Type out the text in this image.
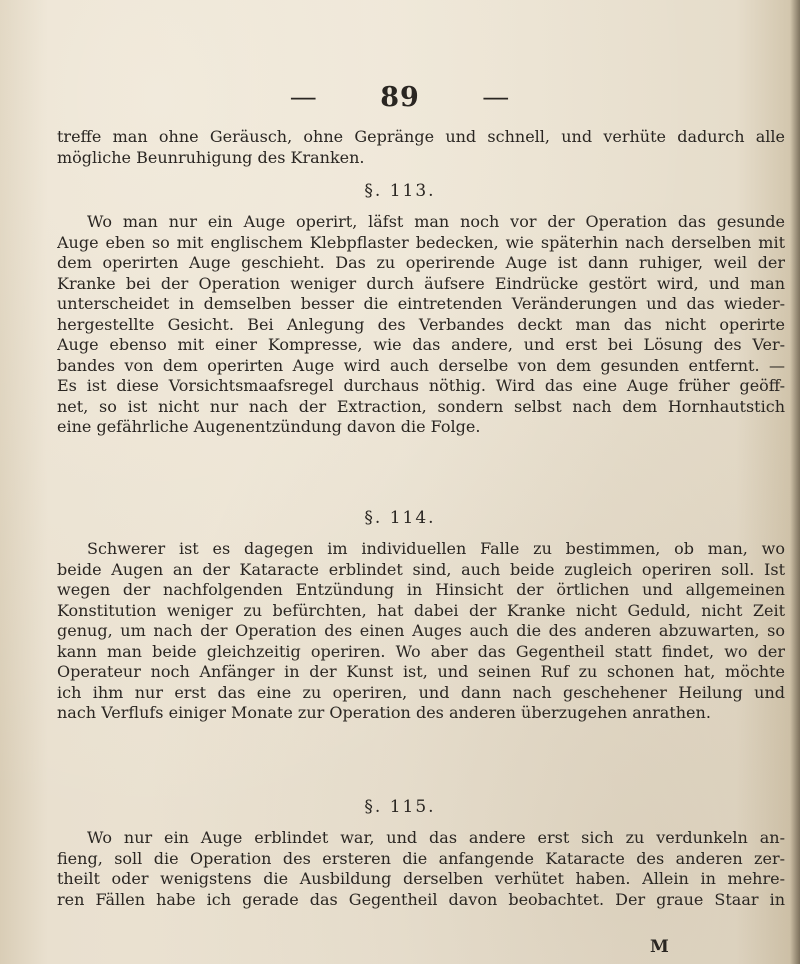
— 89 —
treffe man ohne Geräusch, ohne Gepränge und schnell, und verhüte dadurch alle
mögliche Beunruhigung des Kranken.
§. 113.
Wo man nur ein Auge operirt, läfst man noch vor der Operation das gesunde
Auge eben so mit englischem Klebpflaster bedecken, wie späterhin nach derselben mit
dem operirten Auge geschieht. Das zu operirende Auge ist dann ruhiger, weil der
Kranke bei der Operation weniger durch äufsere Eindrücke gestört wird, und man
unterscheidet in demselben besser die eintretenden Veränderungen und das wieder-
hergestellte Gesicht. Bei Anlegung des Verbandes deckt man das nicht operirte
Auge ebenso mit einer Kompresse, wie das andere, und erst bei Lösung des Ver-
bandes von dem operirten Auge wird auch derselbe von dem gesunden entfernt. —
Es ist diese Vorsichtsmaafsregel durchaus nöthig. Wird das eine Auge früher geöff-
net, so ist nicht nur nach der Extraction, sondern selbst nach dem Hornhautstich
eine gefährliche Augenentzündung davon die Folge.
§. 114.
Schwerer ist es dagegen im individuellen Falle zu bestimmen, ob man, wo
beide Augen an der Kataracte erblindet sind, auch beide zugleich operiren soll. Ist
wegen der nachfolgenden Entzündung in Hinsicht der örtlichen und allgemeinen
Konstitution weniger zu befürchten, hat dabei der Kranke nicht Geduld, nicht Zeit
genug, um nach der Operation des einen Auges auch die des anderen abzuwarten, so
kann man beide gleichzeitig operiren. Wo aber das Gegentheil statt findet, wo der
Operateur noch Anfänger in der Kunst ist, und seinen Ruf zu schonen hat, möchte
ich ihm nur erst das eine zu operiren, und dann nach geschehener Heilung und
nach Verflufs einiger Monate zur Operation des anderen überzugehen anrathen.
§. 115.
Wo nur ein Auge erblindet war, und das andere erst sich zu verdunkeln an-
fieng, soll die Operation des ersteren die anfangende Kataracte des anderen zer-
theilt oder wenigstens die Ausbildung derselben verhütet haben. Allein in mehre-
ren Fällen habe ich gerade das Gegentheil davon beobachtet. Der graue Staar in
M
